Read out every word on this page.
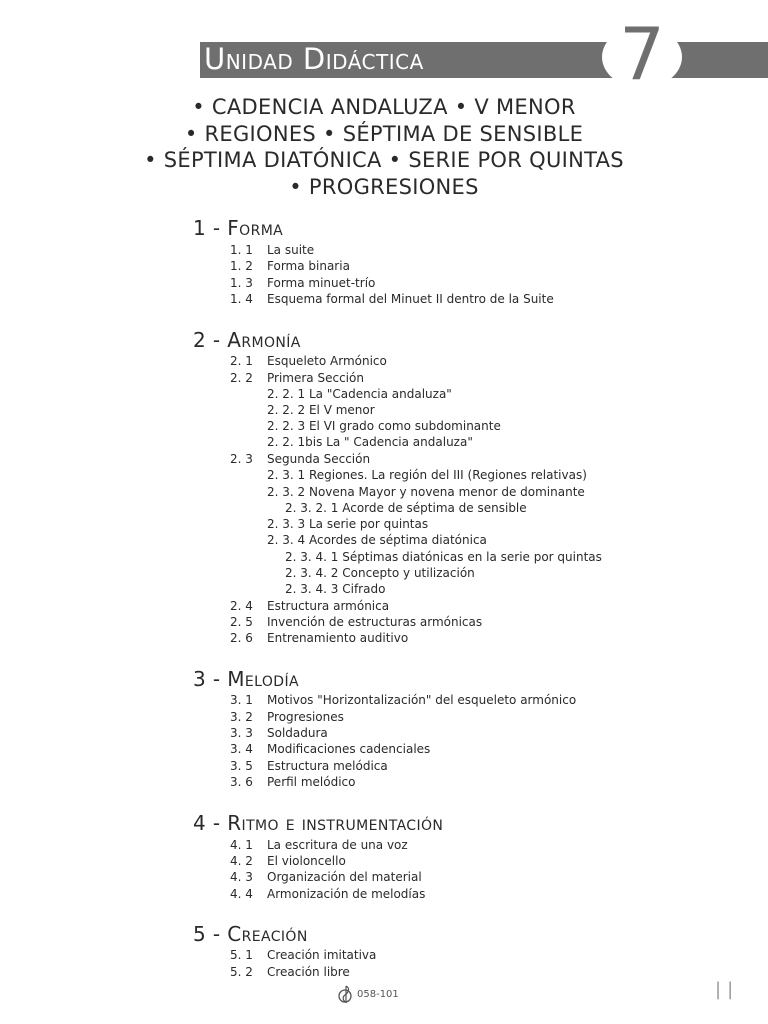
Unidad Didáctica	7
• CADENCIA ANDALUZA • V MENOR
• REGIONES • SÉPTIMA DE SENSIBLE
• SÉPTIMA DIATÓNICA • SERIE POR QUINTAS
• PROGRESIONES
1 - Forma
1. 1 La suite
1. 2 Forma binaria
1. 3 Forma minuet-trío
1. 4 Esquema formal del Minuet II dentro de la Suite
2 - Armonía
2. 1 Esqueleto Armónico
2. 2 Primera Sección
2. 2. 1 La "Cadencia andaluza"
2. 2. 2 El V menor
2. 2. 3 El VI grado como subdominante
2. 2. 1bis La " Cadencia andaluza"
2. 3 Segunda Sección
2. 3. 1 Regiones. La región del III (Regiones relativas)
2. 3. 2 Novena Mayor y novena menor de dominante
2. 3. 2. 1 Acorde de séptima de sensible
2. 3. 3 La serie por quintas
2. 3. 4 Acordes de séptima diatónica
2. 3. 4. 1 Séptimas diatónicas en la serie por quintas
2. 3. 4. 2 Concepto y utilización
2. 3. 4. 3 Cifrado
2. 4 Estructura armónica
2. 5 Invención de estructuras armónicas
2. 6 Entrenamiento auditivo
3 - Melodía
3. 1 Motivos "Horizontalización" del esqueleto armónico
3. 2 Progresiones
3. 3 Soldadura
3. 4 Modificaciones cadenciales
3. 5 Estructura melódica
3. 6 Perfil melódico
4 - Ritmo e instrumentación
4. 1 La escritura de una voz
4. 2 El violoncello
4. 3 Organización del material
4. 4 Armonización de melodías
5 - Creación
5. 1 Creación imitativa
5. 2 Creación libre
058-101	||
